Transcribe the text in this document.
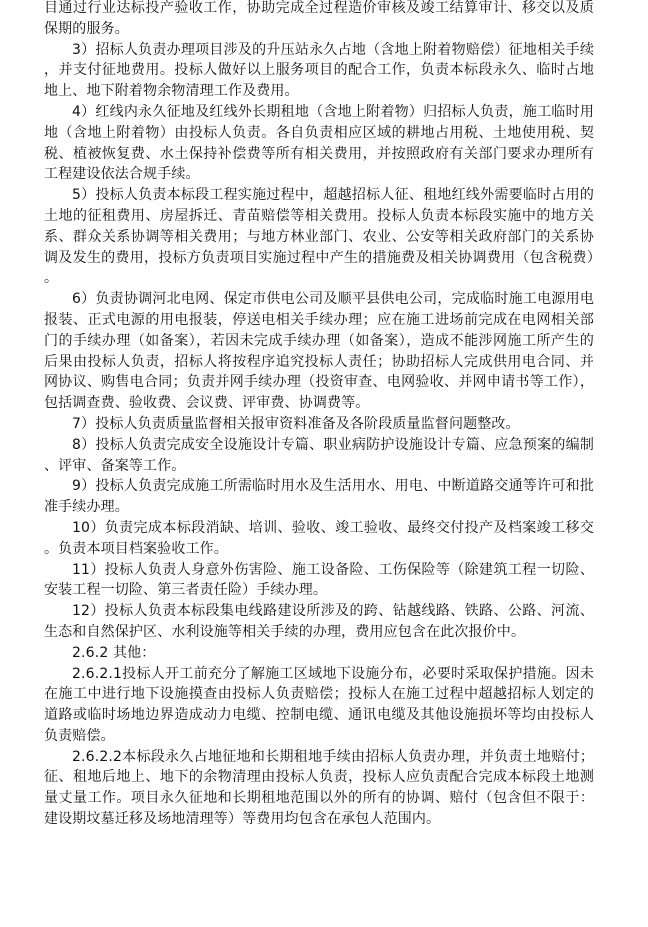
目通过行业达标投产验收工作，协助完成全过程造价审核及竣工结算审计、移交以及质保期的服务。

3）招标人负责办理项目涉及的升压站永久占地（含地上附着物赔偿）征地相关手续，并支付征地费用。投标人做好以上服务项目的配合工作，负责本标段永久、临时占地地上、地下附着物余物清理工作及费用。

4）红线内永久征地及红线外长期租地（含地上附着物）归招标人负责，施工临时用地（含地上附着物）由投标人负责。各自负责相应区域的耕地占用税、土地使用税、契税、植被恢复费、水土保持补偿费等所有相关费用，并按照政府有关部门要求办理所有工程建设依法合规手续。

5）投标人负责本标段工程实施过程中，超越招标人征、租地红线外需要临时占用的土地的征租费用、房屋拆迁、青苗赔偿等相关费用。投标人负责本标段实施中的地方关系、群众关系协调等相关费用；与地方林业部门、农业、公安等相关政府部门的关系协调及发生的费用，投标方负责项目实施过程中产生的措施费及相关协调费用（包含税费）。

6）负责协调河北电网、保定市供电公司及顺平县供电公司，完成临时施工电源用电报装、正式电源的用电报装，停送电相关手续办理；应在施工进场前完成在电网相关部门的手续办理（如备案），若因未完成手续办理（如备案），造成不能涉网施工所产生的后果由投标人负责，招标人将按程序追究投标人责任；协助招标人完成供用电合同、并网协议、购售电合同；负责并网手续办理（投资审查、电网验收、并网申请书等工作），包括调查费、验收费、会议费、评审费、协调费等。

7）投标人负责质量监督相关报审资料准备及各阶段质量监督问题整改。

8）投标人负责完成安全设施设计专篇、职业病防护设施设计专篇、应急预案的编制、评审、备案等工作。

9）投标人负责完成施工所需临时用水及生活用水、用电、中断道路交通等许可和批准手续办理。

10）负责完成本标段消缺、培训、验收、竣工验收、最终交付投产及档案竣工移交。负责本项目档案验收工作。

11）投标人负责人身意外伤害险、施工设备险、工伤保险等（除建筑工程一切险、安装工程一切险、第三者责任险）手续办理。

12）投标人负责本标段集电线路建设所涉及的跨、钻越线路、铁路、公路、河流、生态和自然保护区、水利设施等相关手续的办理，费用应包含在此次报价中。

2.6.2 其他：

2.6.2.1投标人开工前充分了解施工区域地下设施分布，必要时采取保护措施。因未在施工中进行地下设施摸查由投标人负责赔偿；投标人在施工过程中超越招标人划定的道路或临时场地边界造成动力电缆、控制电缆、通讯电缆及其他设施损坏等均由投标人负责赔偿。

2.6.2.2本标段永久占地征地和长期租地手续由招标人负责办理，并负责土地赔付；征、租地后地上、地下的余物清理由投标人负责，投标人应负责配合完成本标段土地测量丈量工作。项目永久征地和长期租地范围以外的所有的协调、赔付（包含但不限于：建设期坟墓迁移及场地清理等）等费用均包含在承包人范围内。
